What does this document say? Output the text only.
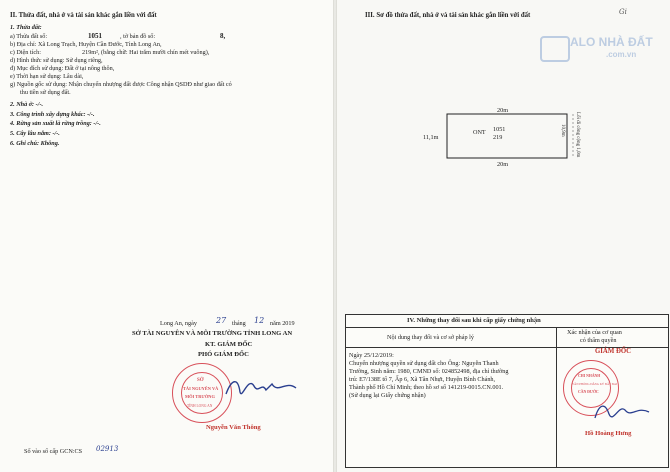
II. Thửa đất, nhà ở và tài sản khác gắn liền với đất
1. Thửa đất:
a) Thửa đất số:	1051	, tờ bản đồ số:	8,
b) Địa chỉ: Xã Long Trạch, Huyện Cần Đước, Tỉnh Long An,
c) Diện tích:	219m², (bằng chữ: Hai trăm mười chín mét vuông),
d) Hình thức sử dụng: Sử dụng riêng,
đ) Mục đích sử dụng: Đất ở tại nông thôn,
e) Thời hạn sử dụng: Lâu dài,
g) Nguồn gốc sử dụng: Nhận chuyển nhượng đất được Công nhận QSDĐ như giao đất có
thu tiền sử dụng đất.
2. Nhà ở: -/-.
3. Công trình xây dựng khác: -/-.
4. Rừng sản xuất là rừng trồng: -/-.
5. Cây lâu năm: -/-.
6. Ghi chú: Không.
Long An, ngày 27 tháng 12 năm 2019
SỞ TÀI NGUYÊN VÀ MÔI TRƯỜNG TỈNH LONG AN
KT. GIÁM ĐỐC
PHÓ GIÁM ĐỐC
SỞ
TÀI NGUYÊN VÀ
MÔI TRƯỜNG
TỈNH LONG AN
Nguyễn Văn Thông
Số vào sổ cấp GCN:CS 02913
III. Sơ đồ thửa đất, nhà ở và tài sản khác gắn liền với đất	Gi
20m
20m
11,1m
10,9m Lối đi công cộng 1,0m
ONT 1051
219
IV. Những thay đổi sau khi cấp giấy chứng nhận
Nội dung thay đổi và cơ sở pháp lý
Xác nhận của cơ quan
có thẩm quyền
Ngày 25/12/2019:
Chuyển nhượng quyền sử dụng đất cho Ông: Nguyễn Thanh
Trường, Sinh năm: 1980, CMND số: 024852498, địa chỉ thường
trú: E7/138E tổ 7, Ấp 6, Xã Tân Nhựt, Huyện Bình Chánh,
Thành phố Hồ Chí Minh; theo hồ sơ số 141219-0015.CN.001.
(Sử dụng lại Giấy chứng nhận)
GIÁM ĐỐC
CHI NHÁNH
VĂN PHÒNG ĐĂNG KÝ ĐẤT ĐAI
CẦN ĐƯỚC
Hồ Hoàng Hưng
ALO NHÀ ĐẤT
.com.vn
